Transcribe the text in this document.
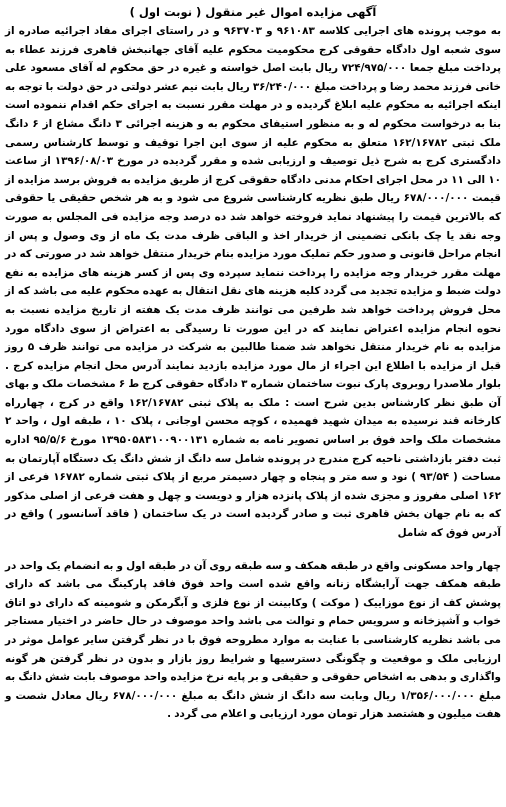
آگهی مزایده اموال غیر منقول ( نوبت اول )

به موجب پرونده های اجرایی کلاسه ۹۶۱۰۸۳ و ۹۶۳۷۰۳ و در راستای اجرای مفاد اجرائیه صادره از سوی شعبه اول دادگاه حقوقی کرج محکومیت محکوم علیه آقای جهانبخش قاهری فرزند عطاء به پرداخت مبلغ جمعا ۷۲۴/۹۷۵/۰۰۰ ریال بابت اصل خواسته و غیره در حق محکوم له آقای مسعود علی خانی فرزند محمد رضا و پرداخت مبلغ ۳۶/۲۴۰/۰۰۰ ریال بابت نیم عشر دولتی در حق دولت با توجه به اینکه اجرائیه به محکوم علیه ابلاغ گردیده و در مهلت مقرر نسبت به اجرای حکم اقدام ننموده است بنا به درخواست محکوم له و به منظور استیفای محکوم به و هزینه اجرائی ۳ دانگ مشاع از ۶ دانگ ملک ثبتی ۱۶۲/۱۶۷۸۲ متعلق به محکوم علیه از سوی این اجرا توقیف و توسط کارشناس رسمی دادگستری کرج به شرح ذیل توصیف و ارزیابی شده و مقرر گردیده در مورخ ۱۳۹۶/۰۸/۰۳ از ساعت ۱۰ الی ۱۱ در محل اجرای احکام مدنی دادگاه حقوقی کرج از طریق مزایده به فروش برسد مزایده از قیمت ۶۷۸/۰۰۰/۰۰۰ ریال طبق نظریه کارشناسی شروع می شود و به هر شخص حقیقی یا حقوقی که بالاترین قیمت را پیشنهاد نماید فروخته خواهد شد ده درصد وجه مزایده فی المجلس به صورت وجه نقد یا چک بانکی تضمینی از خریدار اخذ و الباقی ظرف مدت یک ماه از وی وصول و پس از انجام مراحل قانونی و صدور حکم تملیک مورد مزایده بنام خریدار منتقل خواهد شد در صورتی که در مهلت مقرر خریدار وجه مزایده را پرداخت ننماید سپرده وی پس از کسر هزینه های مزایده به نفع دولت ضبط و مزایده تجدید می گردد کلیه هزینه های نقل انتقال به عهده محکوم علیه می باشد که از محل فروش پرداخت خواهد شد طرفین می توانند ظرف مدت یک هفته از تاریخ مزایده نسبت به نحوه انجام مزایده اعتراض نمایند که در این صورت تا رسیدگی به اعتراض از سوی دادگاه مورد مزایده به نام خریدار منتقل نخواهد شد ضمنا طالبین به شرکت در مزایده می توانند ظرف ۵ روز قبل از مزایده با اطلاع این اجراء از مال مورد مزایده بازدید نمایند آدرس محل انجام مزایده کرج . بلوار ملاصدرا روبروی پارک نبوت ساختمان شماره ۳ دادگاه حقوقی کرج ط ۶ مشخصات ملک و بهای آن طبق نظر کارشناس بدین شرح است : ملک به پلاک ثبتی ۱۶۲/۱۶۷۸۲ واقع در کرج ، چهارراه کارخانه قند نرسیده به میدان شهید فهمیده ، کوچه محسن اوجانی ، پلاک ۱۰ ، طبقه اول ، واحد ۲ مشخصات ملک واحد فوق بر اساس تصویر نامه به شماره ۱۳۹۵۰۵۸۳۱۰۰۹۰۰۱۳۱ مورخ ۹۵/۵/۶ اداره ثبت دفتر بازداشتی ناحیه کرج مندرج در پرونده شامل سه دانگ از شش دانگ یک دستگاه آپارتمان به مساحت ( ۹۳/۵۴ ) نود و سه متر و پنجاه و چهار دسیمتر مربع از پلاک ثبتی شماره ۱۶۷۸۲ فرعی از ۱۶۲ اصلی مفروز و مجزی شده از پلاک پانزده هزار و دویست و چهل و هفت فرعی از اصلی مذکور که به نام جهان بخش قاهری ثبت و صادر گردیده است در یک ساختمان ( فاقد آسانسور ) واقع در آدرس فوق که شامل

چهار واحد مسکونی واقع در طبقه همکف و سه طبقه روی آن در طبقه اول و به انضمام یک واحد در طبقه همکف جهت آرایشگاه زنانه واقع شده است واحد فوق فاقد پارکینگ می باشد که دارای پوشش کف از نوع موزاییک ( موکت ) وکابینت از نوع فلزی و آبگرمکن و شومینه که دارای دو اتاق خواب و آشپزخانه و سرویس حمام و توالت می باشد واحد موصوف در حال حاضر در اختیار مستاجر می باشد نظریه کارشناسی با عنایت به موارد مطروحه فوق با در نظر گرفتن سایر عوامل موثر در ارزیابی ملک و موقعیت و چگونگی دسترسیها و شرایط روز بازار و بدون در نظر گرفتن هر گونه واگذاری و بدهی به اشخاص حقوقی و حقیقی و بر پایه نرخ مزایده واحد موصوف بابت شش دانگ به مبلغ ۱/۳۵۶/۰۰۰/۰۰۰ ریال وبابت سه دانگ از شش دانگ به مبلغ ۶۷۸/۰۰۰/۰۰۰ ریال معادل شصت و هفت میلیون و هشتصد هزار تومان مورد ارزیابی و اعلام می گردد .
